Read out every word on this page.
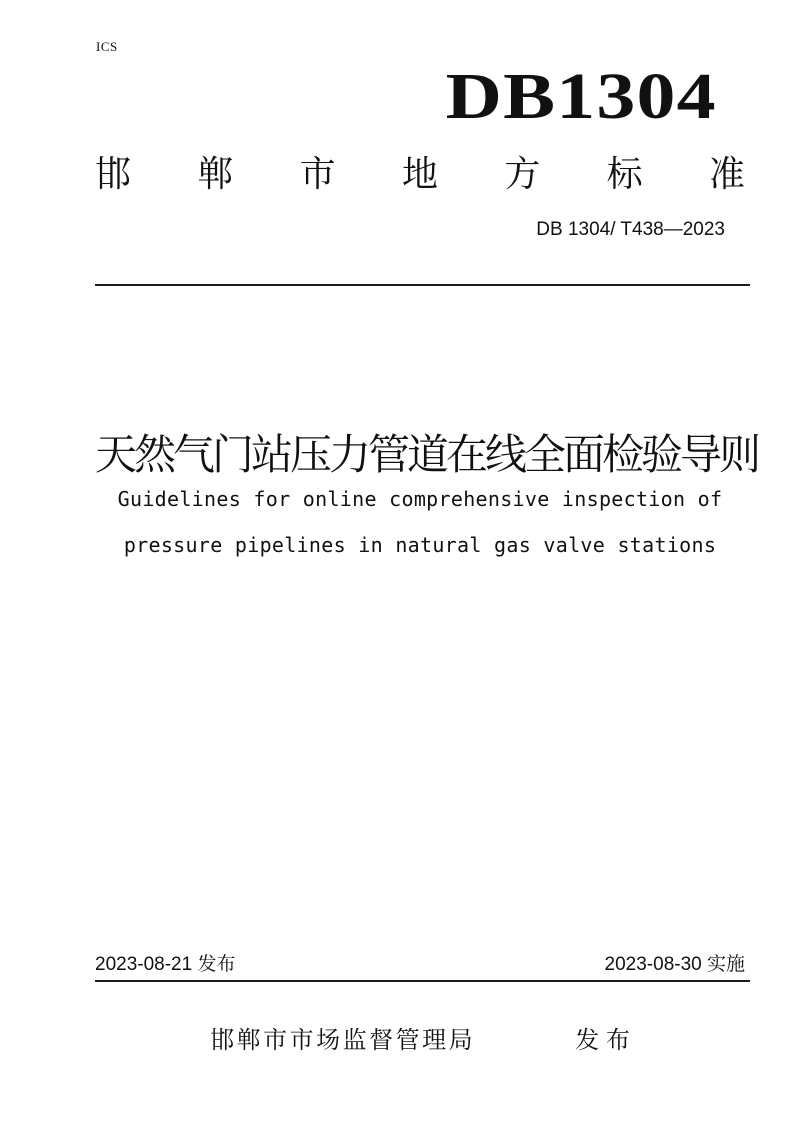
ICS
DB1304
邯 郸 市 地 方 标 准
DB 1304/ T438—2023
天然气门站压力管道在线全面检验导则
Guidelines for online comprehensive inspection of
pressure pipelines in natural gas valve stations
2023-08-21 发布	2023-08-30 实施
邯郸市市场监督管理局	发 布
